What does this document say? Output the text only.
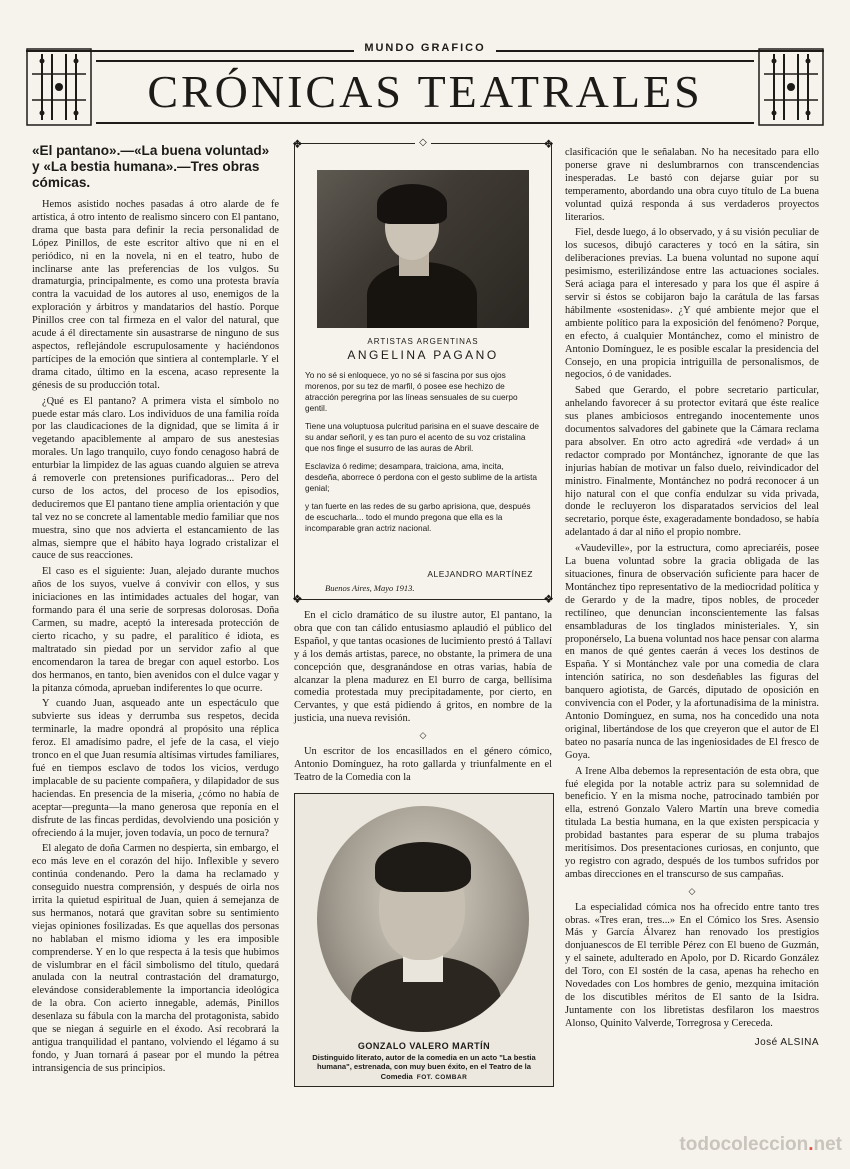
MUNDO GRAFICO
CRÓNICAS TEATRALES
«El pantano».—«La buena voluntad» y «La bestia humana».—Tres obras cómicas.

Hemos asistido noches pasadas á otro alarde de fe artística, á otro intento de realismo sincero con El pantano, drama que basta para definir la recia personalidad de López Pinillos, de este escritor altivo que ni en el periódico, ni en la novela, ni en el teatro, hubo de inclinarse ante las preferencias de los vulgos. Su dramaturgia, principalmente, es como una protesta bravía contra la vacuidad de los autores al uso, enemigos de la exploración y árbitros y mandatarios del hastío. Porque Pinillos cree con tal firmeza en el valor del natural, que acude á él directamente sin ausastrarse de ninguno de sus aspectos, reflejándole escrupulosamente y haciéndonos partícipes de la emoción que sintiera al contemplarle. Y el drama citado, último en la escena, acaso represente la génesis de su producción total.

¿Qué es El pantano? A primera vista el símbolo no puede estar más claro. Los individuos de una familia roída por las claudicaciones de la dignidad, que se limita á ir vegetando apaciblemente al amparo de sus anestesias morales. Un lago tranquilo, cuyo fondo cenagoso habrá de enturbiar la limpidez de las aguas cuando alguien se atreva á removerle con pretensiones purificadoras... Pero del curso de los actos, del proceso de los episodios, deduciremos que El pantano tiene amplia orientación y que tal vez no se concrete al lamentable medio familiar que nos muestra, sino que nos advierta el estancamiento de las almas, siempre que el hábito haya logrado cristalizar el cauce de sus reacciones.

El caso es el siguiente: Juan, alejado durante muchos años de los suyos, vuelve á convivir con ellos, y sus iniciaciones en las intimidades actuales del hogar, van formando para él una serie de sorpresas dolorosas. Doña Carmen, su madre, aceptó la interesada protección de cierto ricacho, y su padre, el paralítico é idiota, es maltratado sin piedad por un servidor zafio al que encomendaron la tarea de bregar con aquel estorbo. Los dos hermanos, en tanto, bien avenidos con el dulce vagar y la pitanza cómoda, aprueban indiferentes lo que ocurre.

Y cuando Juan, asqueado ante un espectáculo que subvierte sus ideas y derrumba sus respetos, decida terminarle, la madre opondrá al propósito una réplica feroz. El amadísimo padre, el jefe de la casa, el viejo tronco en el que Juan resumía altísimas virtudes familiares, fué en tiempos esclavo de todos los vicios, verdugo implacable de su paciente compañera, y dilapidador de sus haciendas. En presencia de la miseria, ¿cómo no había de aceptar—pregunta—la mano generosa que reponía en el disfrute de las fincas perdidas, devolviendo una posición y ofreciendo á la mujer, joven todavía, un poco de ternura?

El alegato de doña Carmen no despierta, sin embargo, el eco más leve en el corazón del hijo. Inflexible y severo continúa condenando. Pero la dama ha reclamado y conseguido nuestra comprensión, y después de oirla nos irrita la quietud espiritual de Juan, quien á semejanza de sus hermanos, notará que gravitan sobre su sentimiento viejas opiniones fosilizadas. Es que aquellas dos personas no hablaban el mismo idioma y les era imposible comprenderse. Y en lo que respecta á la tesis que hubimos de vislumbrar en el fácil simbolismo del título, quedará anulada con la neutral contrastación del dramaturgo, elevándose considerablemente la importancia ideológica de la obra. Con acierto innegable, además, Pinillos desenlaza su fábula con la marcha del protagonista, sabido que se niegan á seguirle en el éxodo. Así recobrará la antigua tranquilidad el pantano, volviendo el légamo á su fondo, y Juan tornará á pasear por el mundo la pétrea intransigencia de sus principios.

❖	❖
❖	❖
◇
ARTISTAS ARGENTINAS
ANGELINA PAGANO

Yo no sé si enloquece, yo no sé si fascina por sus ojos morenos, por su tez de marfil, ó posee ese hechizo de atracción peregrina por las líneas sensuales de su cuerpo gentil.

Tiene una voluptuosa pulcritud parisina en el suave descaire de su andar señoril, y es tan puro el acento de su voz cristalina que nos finge el susurro de las auras de Abril.

Esclaviza ó redime; desampara, traiciona, ama, incita, desdeña, aborrece ó perdona con el gesto sublime de la artista genial;

y tan fuerte en las redes de su garbo aprisiona, que, después de escucharla... todo el mundo pregona que ella es la incomparable gran actriz nacional.

ALEJANDRO MARTÍNEZ
Buenos Aires, Mayo 1913.

En el ciclo dramático de su ilustre autor, El pantano, la obra que con tan cálido entusiasmo aplaudió el público del Español, y que tantas ocasiones de lucimiento prestó á Tallaví y á los demás artistas, parece, no obstante, la primera de una concepción que, desgranándose en otras varias, había de alcanzar la plena madurez en El burro de carga, bellísima comedia protestada muy precipitadamente, por cierto, en Cervantes, y que está pidiendo á gritos, en nombre de la justicia, una nueva revisión.

◇

Un escritor de los encasillados en el género cómico, Antonio Domínguez, ha roto gallarda y triunfalmente en el Teatro de la Comedia con la

GONZALO VALERO MARTÍN
Distinguido literato, autor de la comedia en un acto "La bestia humana", estrenada, con muy buen éxito, en el Teatro de la Comedia FOT. COMBAR

clasificación que le señalaban. No ha necesitado para ello ponerse grave ni deslumbrarnos con transcendencias inesperadas. Le bastó con dejarse guiar por su temperamento, abordando una obra cuyo título de La buena voluntad quizá responda á sus verdaderos proyectos literarios.

Fiel, desde luego, á lo observado, y á su visión peculiar de los sucesos, dibujó caracteres y tocó en la sátira, sin deliberaciones previas. La buena voluntad no supone aquí pesimismo, esterilizándose entre las actuaciones sociales. Será aciaga para el interesado y para los que él aspire á servir si éstos se cobijaron bajo la carátula de las farsas hábilmente «sostenidas». ¿Y qué ambiente mejor que el ambiente político para la exposición del fenómeno? Porque, en efecto, á cualquier Montánchez, como el ministro de Antonio Domínguez, le es posible escalar la presidencia del Consejo, en una propicia intriguilla de personalismos, de negocios, ó de vanidades.

Sabed que Gerardo, el pobre secretario particular, anhelando favorecer á su protector evitará que éste realice sus planes ambiciosos entregando inocentemente unos documentos salvadores del gabinete que la Cámara reclama para absolver. En otro acto agredirá «de verdad» á un redactor comprado por Montánchez, ignorante de que las injurias habían de motivar un falso duelo, reivindicador del ministro. Finalmente, Montánchez no podrá reconocer á un hijo natural con el que confía endulzar su vida privada, donde le recluyeron los disparatados servicios del leal secretario, porque éste, exageradamente bondadoso, se había adelantado á dar al niño el propio nombre.

«Vaudeville», por la estructura, como apreciaréis, posee La buena voluntad sobre la gracia obligada de las situaciones, finura de observación suficiente para hacer de Montánchez tipo representativo de la mediocridad política y de Gerardo y de la madre, tipos nobles, de proceder rectilíneo, que denuncian inconscientemente las falsas ensambladuras de los tinglados ministeriales. Y, sin proponérselo, La buena voluntad nos hace pensar con alarma en manos de qué gentes caerán á veces los destinos de España. Y si Montánchez vale por una comedia de clara intención satírica, no son desdeñables las figuras del banquero agiotista, de Garcés, diputado de oposición en convivencia con el Poder, y la afortunadísima de la ministra. Antonio Domínguez, en suma, nos ha concedido una nota original, libertándose de los que creyeron que el autor de El bateo no pasaría nunca de las ingeniosidades de El fresco de Goya.

A Irene Alba debemos la representación de esta obra, que fué elegida por la notable actriz para su solemnidad de beneficio. Y en la misma noche, patrocinado también por ella, estrenó Gonzalo Valero Martín una breve comedia titulada La bestia humana, en la que existen perspicacia y probidad bastantes para esperar de su pluma trabajos meritísimos. Dos presentaciones curiosas, en conjunto, que yo registro con agrado, después de los tumbos sufridos por ambas direcciones en el transcurso de sus campañas.

◇

La especialidad cómica nos ha ofrecido entre tanto tres obras. «Tres eran, tres...» En el Cómico los Sres. Asensio Más y García Álvarez han renovado los prestigios donjuanescos de El terrible Pérez con El bueno de Guzmán, y el sainete, adulterado en Apolo, por D. Ricardo González del Toro, con El sostén de la casa, apenas ha rehecho en Novedades con Los hombres de genio, mezquina imitación de los discutibles méritos de El santo de la Isidra. Juntamente con los libretistas desfilaron los maestros Alonso, Quinito Valverde, Torregrosa y Cereceda.

José ALSINA
todocoleccion.net
